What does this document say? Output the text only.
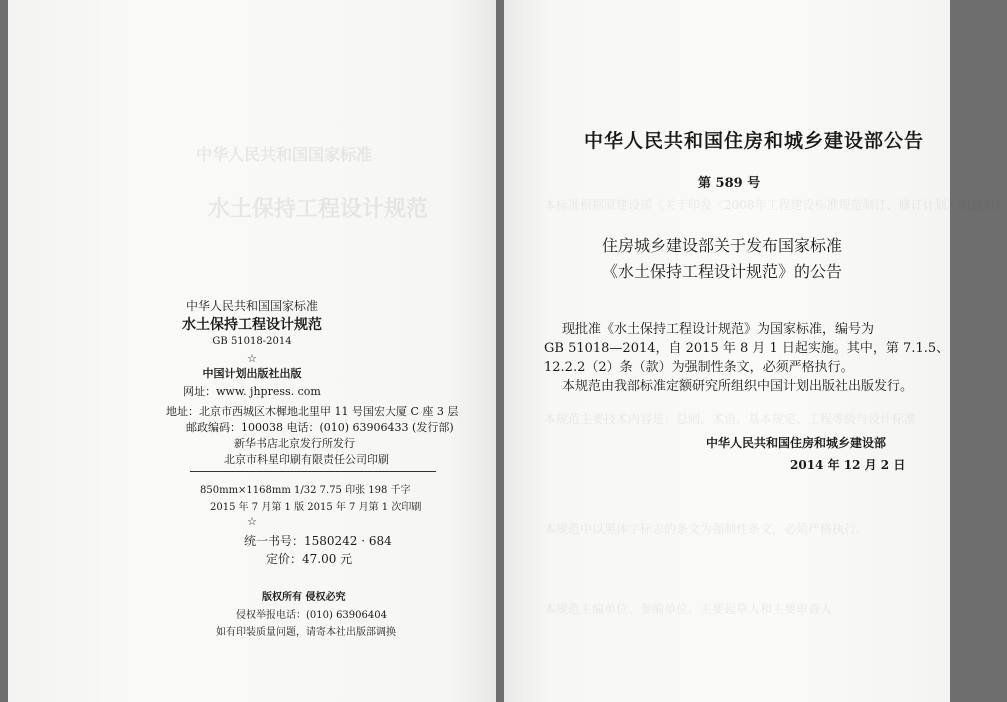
中华人民共和国国家标准
水土保持工程设计规范
中华人民共和国国家标准
水土保持工程设计规范
GB 51018-2014
☆
中国计划出版社出版
网址：www. jhpress. com
地址：北京市西城区木樨地北里甲 11 号国宏大厦 C 座 3 层
邮政编码：100038 电话：(010) 63906433 (发行部)
新华书店北京发行所发行
北京市科星印刷有限责任公司印刷
850mm×1168mm 1/32 7.75 印张 198 千字
2015 年 7 月第 1 版 2015 年 7 月第 1 次印刷
☆
统一书号：1580242 · 684
定价：47.00 元
版权所有 侵权必究
侵权举报电话：(010) 63906404
如有印装质量问题，请寄本社出版部调换
本标准根据原建设部《关于印发〈2008年工程建设标准规范制订、修订计划〉的通知》
本规范主要技术内容是：总则、术语、基本规定、工程等级与设计标准
本规范中以黑体字标志的条文为强制性条文，必须严格执行。
本规范主编单位、参编单位、主要起草人和主要审查人
中华人民共和国住房和城乡建设部公告
第 589 号
住房城乡建设部关于发布国家标准
《水土保持工程设计规范》的公告
现批准《水土保持工程设计规范》为国家标准，编号为
GB 51018—2014，自 2015 年 8 月 1 日起实施。其中，第 7.1.5、
12.2.2（2）条（款）为强制性条文，必须严格执行。
本规范由我部标准定额研究所组织中国计划出版社出版发行。
中华人民共和国住房和城乡建设部
2014 年 12 月 2 日
